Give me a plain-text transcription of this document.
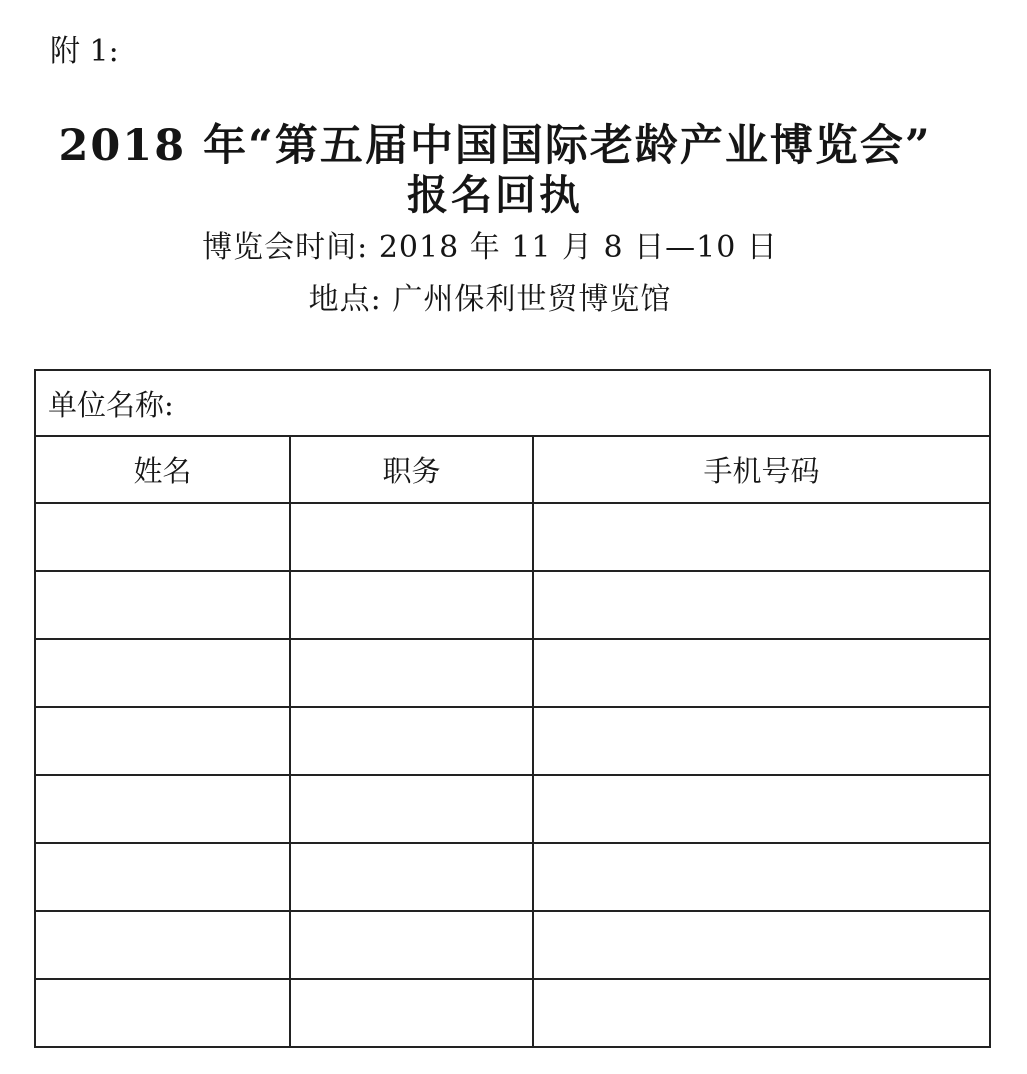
附 1:
2018 年“第五届中国国际老龄产业博览会”
报名回执
博览会时间: 2018 年 11 月 8 日—10 日
地点: 广州保利世贸博览馆
单位名称:		
姓名	职务	手机号码
